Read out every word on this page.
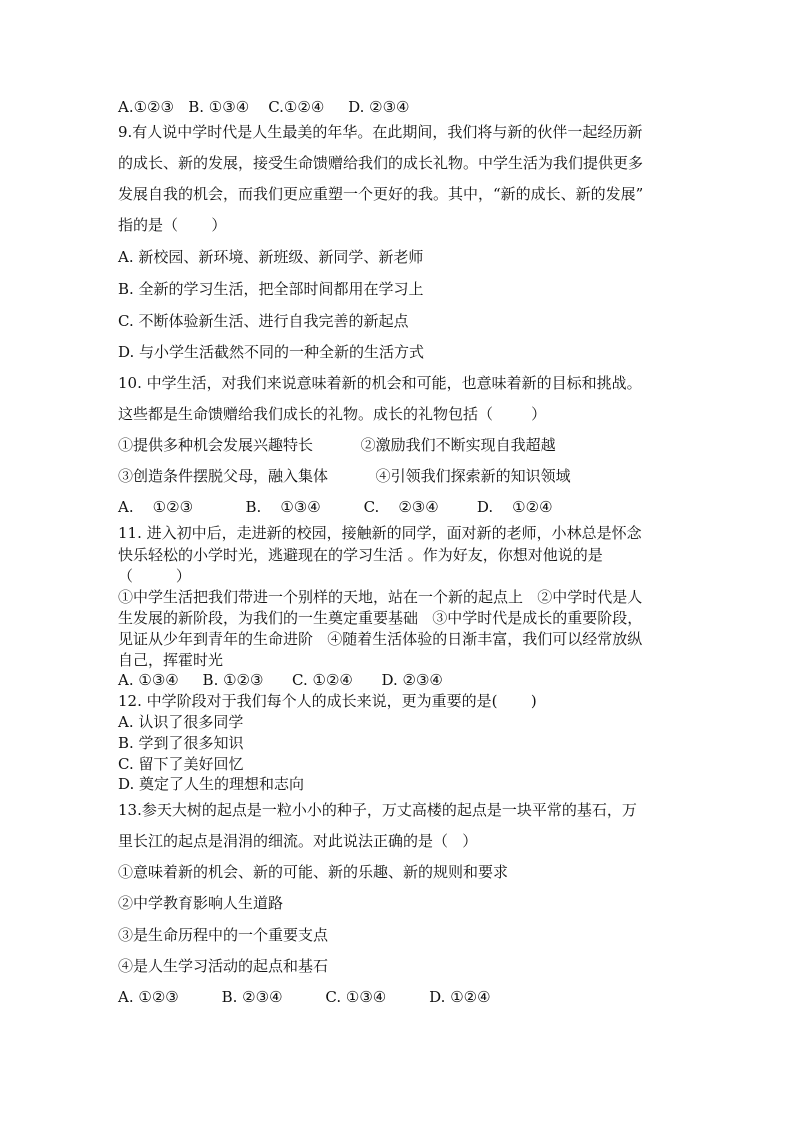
A.①②③   B. ①③④    C.①②④     D. ②③④
9.有人说中学时代是人生最美的年华。在此期间，我们将与新的伙伴一起经历新
的成长、新的发展，接受生命馈赠给我们的成长礼物。中学生活为我们提供更多
发展自我的机会，而我们更应重塑一个更好的我。其中，“新的成长、新的发展”
指的是（       ）
A. 新校园、新环境、新班级、新同学、新老师
B. 全新的学习生活，把全部时间都用在学习上
C. 不断体验新生活、进行自我完善的新起点
D. 与小学生活截然不同的一种全新的生活方式
10. 中学生活，对我们来说意味着新的机会和可能，也意味着新的目标和挑战。
这些都是生命馈赠给我们成长的礼物。成长的礼物包括（        ）
①提供多种机会发展兴趣特长          ②激励我们不断实现自我超越
③创造条件摆脱父母，融入集体          ④引领我们探索新的知识领域
A.    ①②③           B.    ①③④         C.    ②③④        D.    ①②④
11. 进入初中后，走进新的校园，接触新的同学，面对新的老师，小林总是怀念
快乐轻松的小学时光，逃避现在的学习生活 。作为好友，你想对他说的是
（         ）
①中学生活把我们带进一个别样的天地，站在一个新的起点上   ②中学时代是人
生发展的新阶段，为我们的一生奠定重要基础   ③中学时代是成长的重要阶段，
见证从少年到青年的生命进阶   ④随着生活体验的日渐丰富，我们可以经常放纵
自己，挥霍时光
A. ①③④     B. ①②③      C. ①②④      D. ②③④
12. 中学阶段对于我们每个人的成长来说，更为重要的是(       )
A. 认识了很多同学
B. 学到了很多知识
C. 留下了美好回忆
D. 奠定了人生的理想和志向
13.参天大树的起点是一粒小小的种子，万丈高楼的起点是一块平常的基石，万
里长江的起点是涓涓的细流。对此说法正确的是（   ）
①意味着新的机会、新的可能、新的乐趣、新的规则和要求
②中学教育影响人生道路
③是生命历程中的一个重要支点
④是人生学习活动的起点和基石
A. ①②③         B. ②③④         C. ①③④         D. ①②④
